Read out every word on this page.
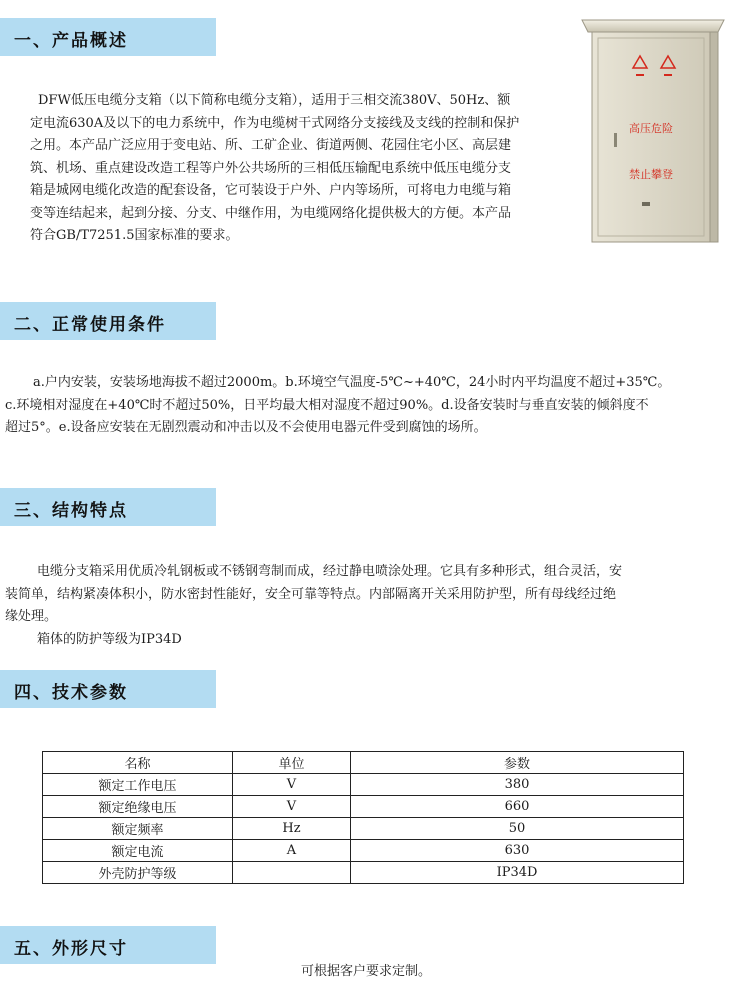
一、产品概述
DFW低压电缆分支箱（以下简称电缆分支箱），适用于三相交流380V、50Hz、额
定电流630A及以下的电力系统中，作为电缆树干式网络分支接线及支线的控制和保护
之用。本产品广泛应用于变电站、所、工矿企业、街道两侧、花园住宅小区、高层建
筑、机场、重点建设改造工程等户外公共场所的三相低压输配电系统中低压电缆分支
箱是城网电缆化改造的配套设备，它可装设于户外、户内等场所，可将电力电缆与箱
变等连结起来，起到分接、分支、中继作用，为电缆网络化提供极大的方便。本产品
符合GB/T7251.5国家标准的要求。
高压危险
禁止攀登
二、正常使用条件
a.户内安装，安装场地海拔不超过2000m。b.环境空气温度-5℃~+40℃，24小时内平均温度不超过+35℃。
c.环境相对湿度在+40℃时不超过50%，日平均最大相对湿度不超过90%。d.设备安装时与垂直安装的倾斜度不
超过5°。e.设备应安装在无剧烈震动和冲击以及不会使用电器元件受到腐蚀的场所。
三、结构特点
电缆分支箱采用优质冷轧钢板或不锈钢弯制而成，经过静电喷涂处理。它具有多种形式，组合灵活，安
装简单，结构紧凑体积小，防水密封性能好，安全可靠等特点。内部隔离开关采用防护型，所有母线经过绝
缘处理。
箱体的防护等级为IP34D
四、技术参数
名称	单位	参数
额定工作电压	V	380
额定绝缘电压	V	660
额定频率	Hz	50
额定电流	A	630
外壳防护等级		IP34D
五、外形尺寸
可根据客户要求定制。
